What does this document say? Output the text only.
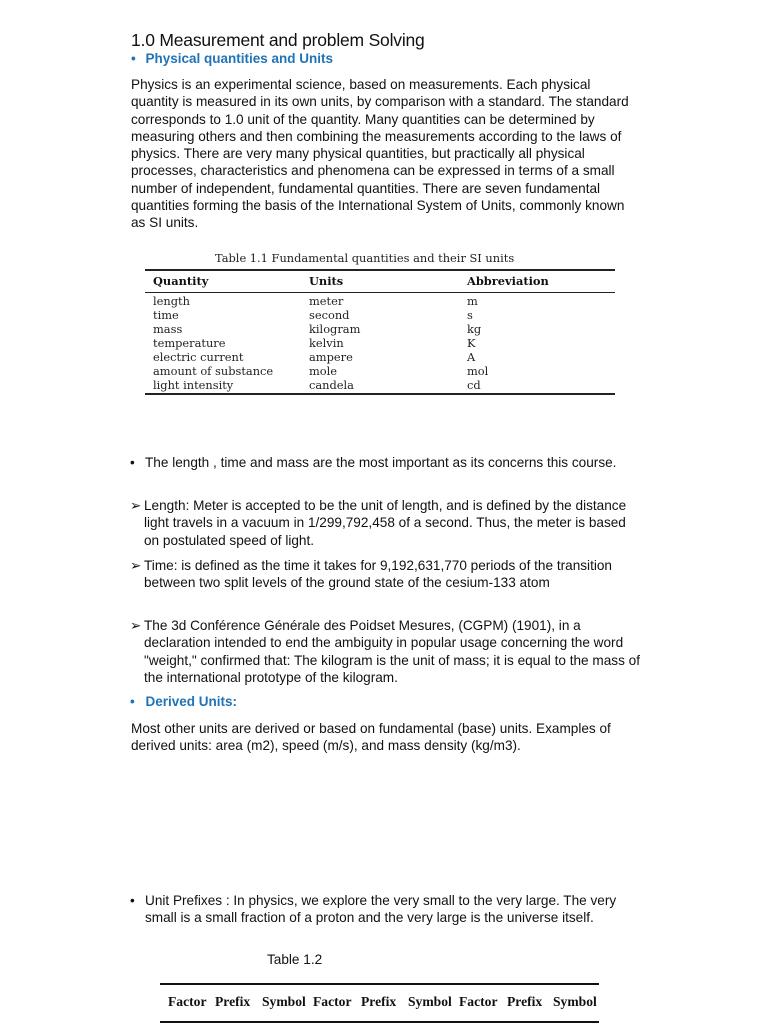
1.0 Measurement and problem Solving
• Physical quantities and Units
Physics is an experimental science, based on measurements. Each physical quantity is measured in its own units, by comparison with a standard. The standard corresponds to 1.0 unit of the quantity. Many quantities can be determined by measuring others and then combining the measurements according to the laws of physics. There are very many physical quantities, but practically all physical processes, characteristics and phenomena can be expressed in terms of a small number of independent, fundamental quantities. There are seven fundamental quantities forming the basis of the International System of Units, commonly known as SI units.
Table 1.1 Fundamental quantities and their SI units
Quantity	Units	Abbreviation
length	meter	m
time	second	s
mass	kilogram	kg
temperature	kelvin	K
electric current	ampere	A
amount of substance	mole	mol
light intensity	candela	cd
• The length , time and mass are the most important as its concerns this course.
➢ Length: Meter is accepted to be the unit of length, and is defined by the distance light travels in a vacuum in 1/299,792,458 of a second. Thus, the meter is based on postulated speed of light.
➢ Time: is defined as the time it takes for 9,192,631,770 periods of the transition between two split levels of the ground state of the cesium-133 atom
➢ The 3d Conférence Générale des Poidset Mesures, (CGPM) (1901), in a declaration intended to end the ambiguity in popular usage concerning the word "weight," confirmed that: The kilogram is the unit of mass; it is equal to the mass of the international prototype of the kilogram.
• Derived Units:
Most other units are derived or based on fundamental (base) units. Examples of derived units: area (m2), speed (m/s), and mass density (kg/m3).
• Unit Prefixes : In physics, we explore the very small to the very large. The very small is a small fraction of a proton and the very large is the universe itself.
Table 1.2
Factor Prefix Symbol Factor Prefix Symbol Factor Prefix Symbol
